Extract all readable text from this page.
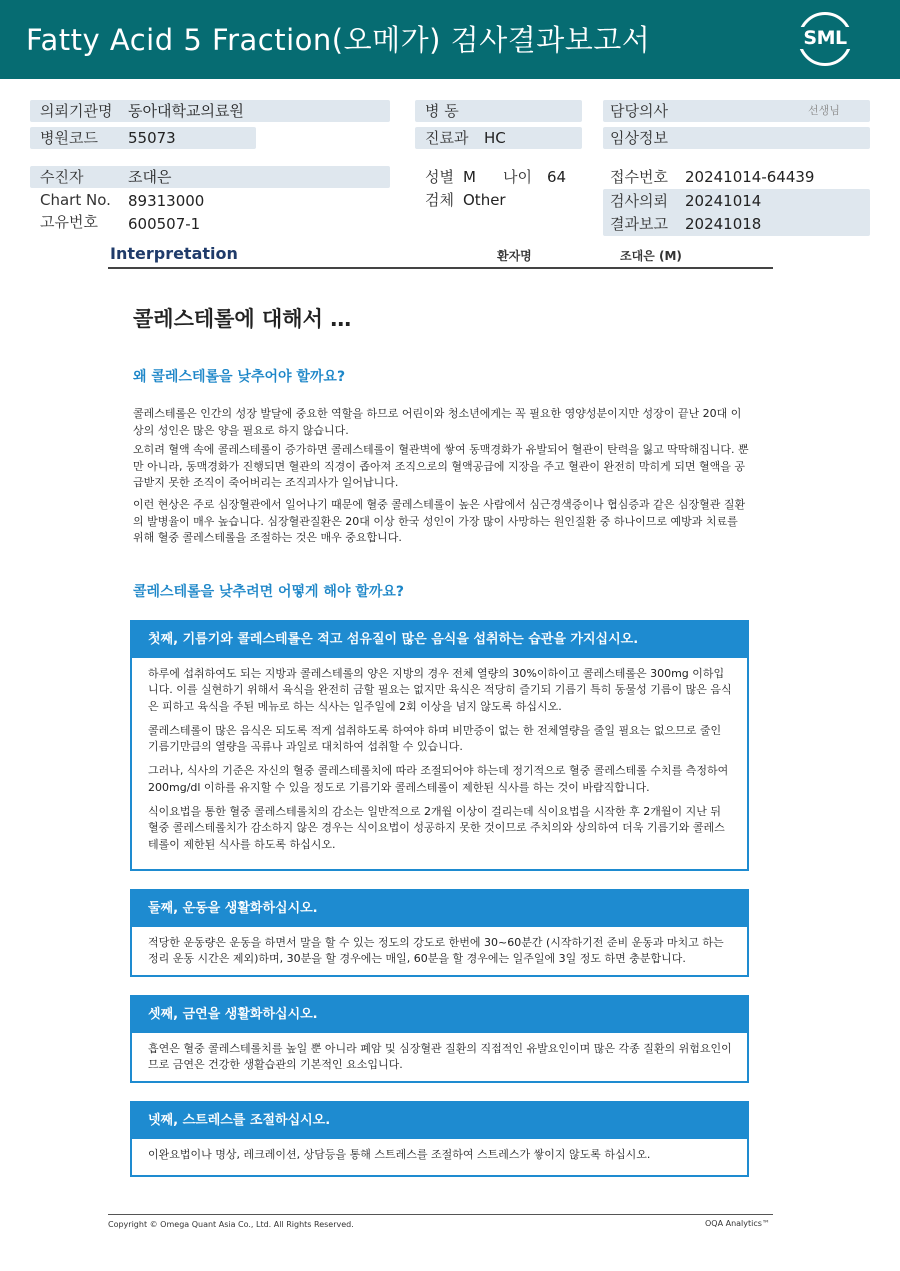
Fatty Acid 5 Fraction(오메가) 검사결과보고서	SML
의뢰기관명 동아대학교의료원
병원코드 55073
병 동
진료과 HC
담당의사	선생님
임상정보
수진자	조대은
Chart No. 89313000
고유번호 600507-1
성별 M 나이 64
검체 Other
접수번호 20241014-64439
검사의뢰 20241014
결과보고 20241018
Interpretation	환자명	조대은 (M)
콜레스테롤에 대해서 …
왜 콜레스테롤을 낮추어야 할까요?
콜레스테롤은 인간의 성장 발달에 중요한 역할을 하므로 어린이와 청소년에게는 꼭 필요한 영양성분이지만 성장이 끝난 20대 이상의 성인은 많은 양을 필요로 하지 않습니다.
오히려 혈액 속에 콜레스테롤이 증가하면 콜레스테롤이 혈관벽에 쌓여 동맥경화가 유발되어 혈관이 탄력을 잃고 딱딱해집니다. 뿐만 아니라, 동맥경화가 진행되면 혈관의 직경이 좁아져 조직으로의 혈액공급에 지장을 주고 혈관이 완전히 막히게 되면 혈액을 공급받지 못한 조직이 죽어버리는 조직괴사가 일어납니다.
이런 현상은 주로 심장혈관에서 일어나기 때문에 혈중 콜레스테롤이 높은 사람에서 심근경색증이나 협심증과 같은 심장혈관 질환의 발병율이 매우 높습니다. 심장혈관질환은 20대 이상 한국 성인이 가장 많이 사망하는 원인질환 중 하나이므로 예방과 치료를 위해 혈중 콜레스테롤을 조절하는 것은 매우 중요합니다.
콜레스테롤을 낮추려면 어떻게 해야 할까요?
첫째, 기름기와 콜레스테롤은 적고 섬유질이 많은 음식을 섭취하는 습관을 가지십시오.

하루에 섭취하여도 되는 지방과 콜레스테롤의 양은 지방의 경우 전체 열량의 30%이하이고 콜레스테롤은 300mg 이하입니다. 이를 실현하기 위해서 육식을 완전히 금할 필요는 없지만 육식은 적당히 즐기되 기름기 특히 동물성 기름이 많은 음식은 피하고 육식을 주된 메뉴로 하는 식사는 일주일에 2회 이상을 넘지 않도록 하십시오.

콜레스테롤이 많은 음식은 되도록 적게 섭취하도록 하여야 하며 비만증이 없는 한 전체열량을 줄일 필요는 없으므로 줄인 기름기만큼의 열량을 곡류나 과일로 대치하여 섭취할 수 있습니다.

그러나, 식사의 기준은 자신의 혈중 콜레스테롤치에 따라 조절되어야 하는데 정기적으로 혈중 콜레스테롤 수치를 측정하여 200mg/dl 이하를 유지할 수 있을 정도로 기름기와 콜레스테롤이 제한된 식사를 하는 것이 바람직합니다.

식이요법을 통한 혈중 콜레스테롤치의 감소는 일반적으로 2개월 이상이 걸리는데 식이요법을 시작한 후 2개월이 지난 뒤 혈중 콜레스테롤치가 감소하지 않은 경우는 식이요법이 성공하지 못한 것이므로 주치의와 상의하여 더욱 기름기와 콜레스테롤이 제한된 식사를 하도록 하십시오.

둘째, 운동을 생활화하십시오.

적당한 운동량은 운동을 하면서 말을 할 수 있는 정도의 강도로 한번에 30~60분간 (시작하기전 준비 운동과 마치고 하는 정리 운동 시간은 제외)하며, 30분을 할 경우에는 매일, 60분을 할 경우에는 일주일에 3일 정도 하면 충분합니다.

셋째, 금연을 생활화하십시오.

흡연은 혈중 콜레스테롤치를 높일 뿐 아니라 폐암 및 심장혈관 질환의 직접적인 유발요인이며 많은 각종 질환의 위험요인이므로 금연은 건강한 생활습관의 기본적인 요소입니다.

넷째, 스트레스를 조절하십시오.

이완요법이나 명상, 레크레이션, 상담등을 통해 스트레스를 조절하여 스트레스가 쌓이지 않도록 하십시오.

Copyright © Omega Quant Asia Co., Ltd. All Rights Reserved.	OQA Analytics™
